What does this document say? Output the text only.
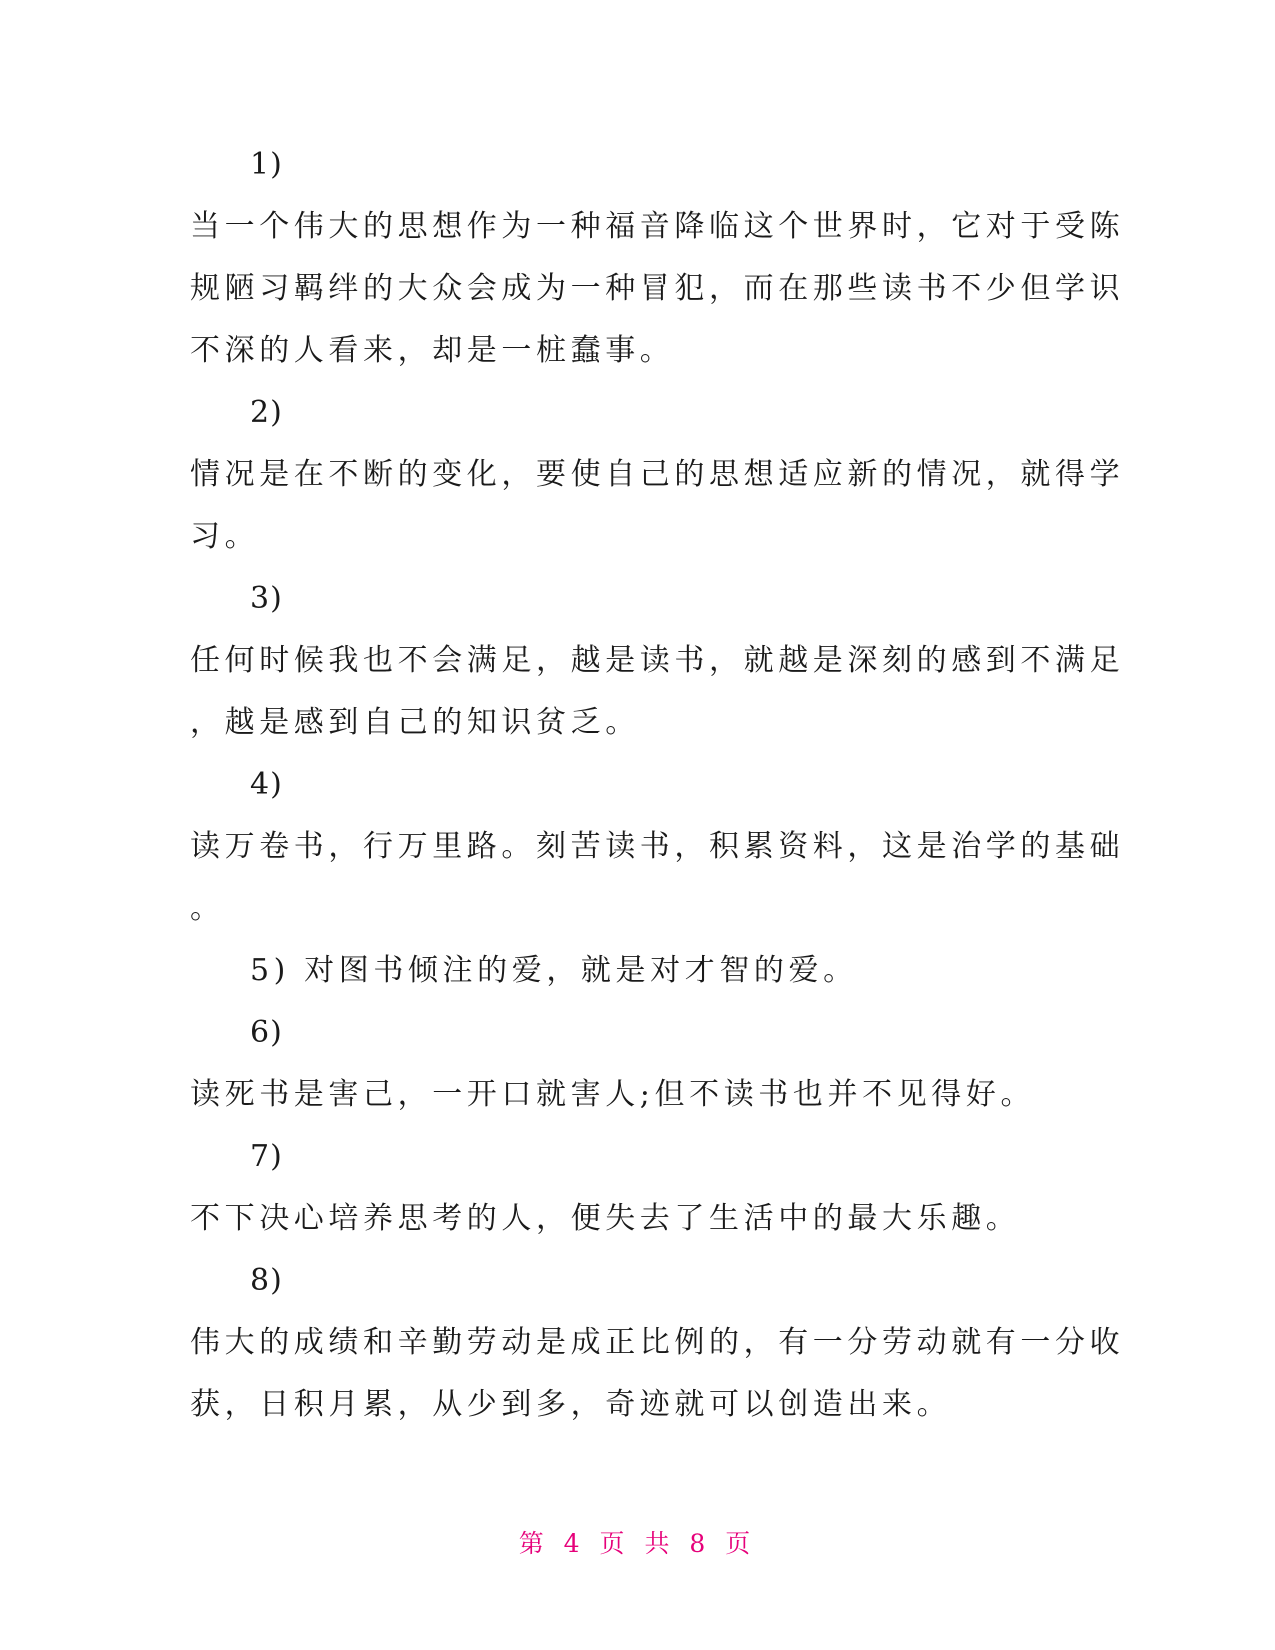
1)
当一个伟大的思想作为一种福音降临这个世界时，它对于受陈
规陋习羁绊的大众会成为一种冒犯，而在那些读书不少但学识
不深的人看来，却是一桩蠢事。
2)
情况是在不断的变化，要使自己的思想适应新的情况，就得学
习。
3)
任何时候我也不会满足，越是读书，就越是深刻的感到不满足
，越是感到自己的知识贫乏。
4)
读万卷书，行万里路。刻苦读书，积累资料，这是治学的基础
。
5) 对图书倾注的爱，就是对才智的爱。
6)
读死书是害己，一开口就害人;但不读书也并不见得好。
7)
不下决心培养思考的人，便失去了生活中的最大乐趣。
8)
伟大的成绩和辛勤劳动是成正比例的，有一分劳动就有一分收
获，日积月累，从少到多，奇迹就可以创造出来。
第 4 页 共 8 页
